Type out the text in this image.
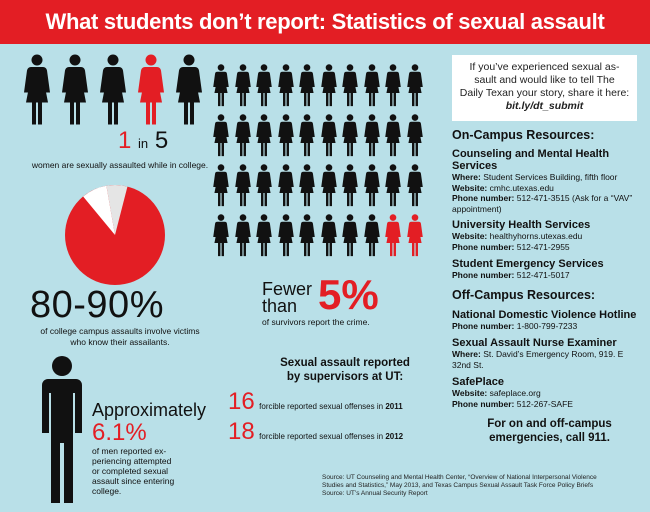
What students don’t report: Statistics of sexual assault
1 in 5
women are sexually assaulted while in college.
80-90%
of college campus assaults involve victims
who know their assailants.
Approximately
6.1%
of men reported ex-
periencing attempted
or completed sexual
assault since entering
college.
Fewer
than 5%
of survivors report the crime.
Sexual assault reported
by supervisors at UT:
16 forcible reported sexual offenses in 2011
18 forcible reported sexual offenses in 2012
If you’ve experienced sexual as-
sault and would like to tell The
Daily Texan your story, share it here:
bit.ly/dt_submit
On-Campus Resources:
Counseling and Mental Health Services
Where: Student Services Building, fifth floor
Website: cmhc.utexas.edu
Phone number: 512-471-3515 (Ask for a “VAV”
appointment)
University Health Services
Website: healthyhorns.utexas.edu
Phone number: 512-471-2955
Student Emergency Services
Phone number: 512-471-5017
Off-Campus Resources:
National Domestic Violence Hotline
Phone number: 1-800-799-7233
Sexual Assault Nurse Examiner
Where: St. David’s Emergency Room, 919. E
32nd St.
SafePlace
Website: safeplace.org
Phone number: 512-267-SAFE
For on and off-campus
emergencies, call 911.
Source: UT Counseling and Mental Health Center, “Overview of National Interpersonal Violence
Studies and Statistics,” May 2013, and Texas Campus Sexual Assault Task Force Policy Briefs
Source: UT’s Annual Security Report
